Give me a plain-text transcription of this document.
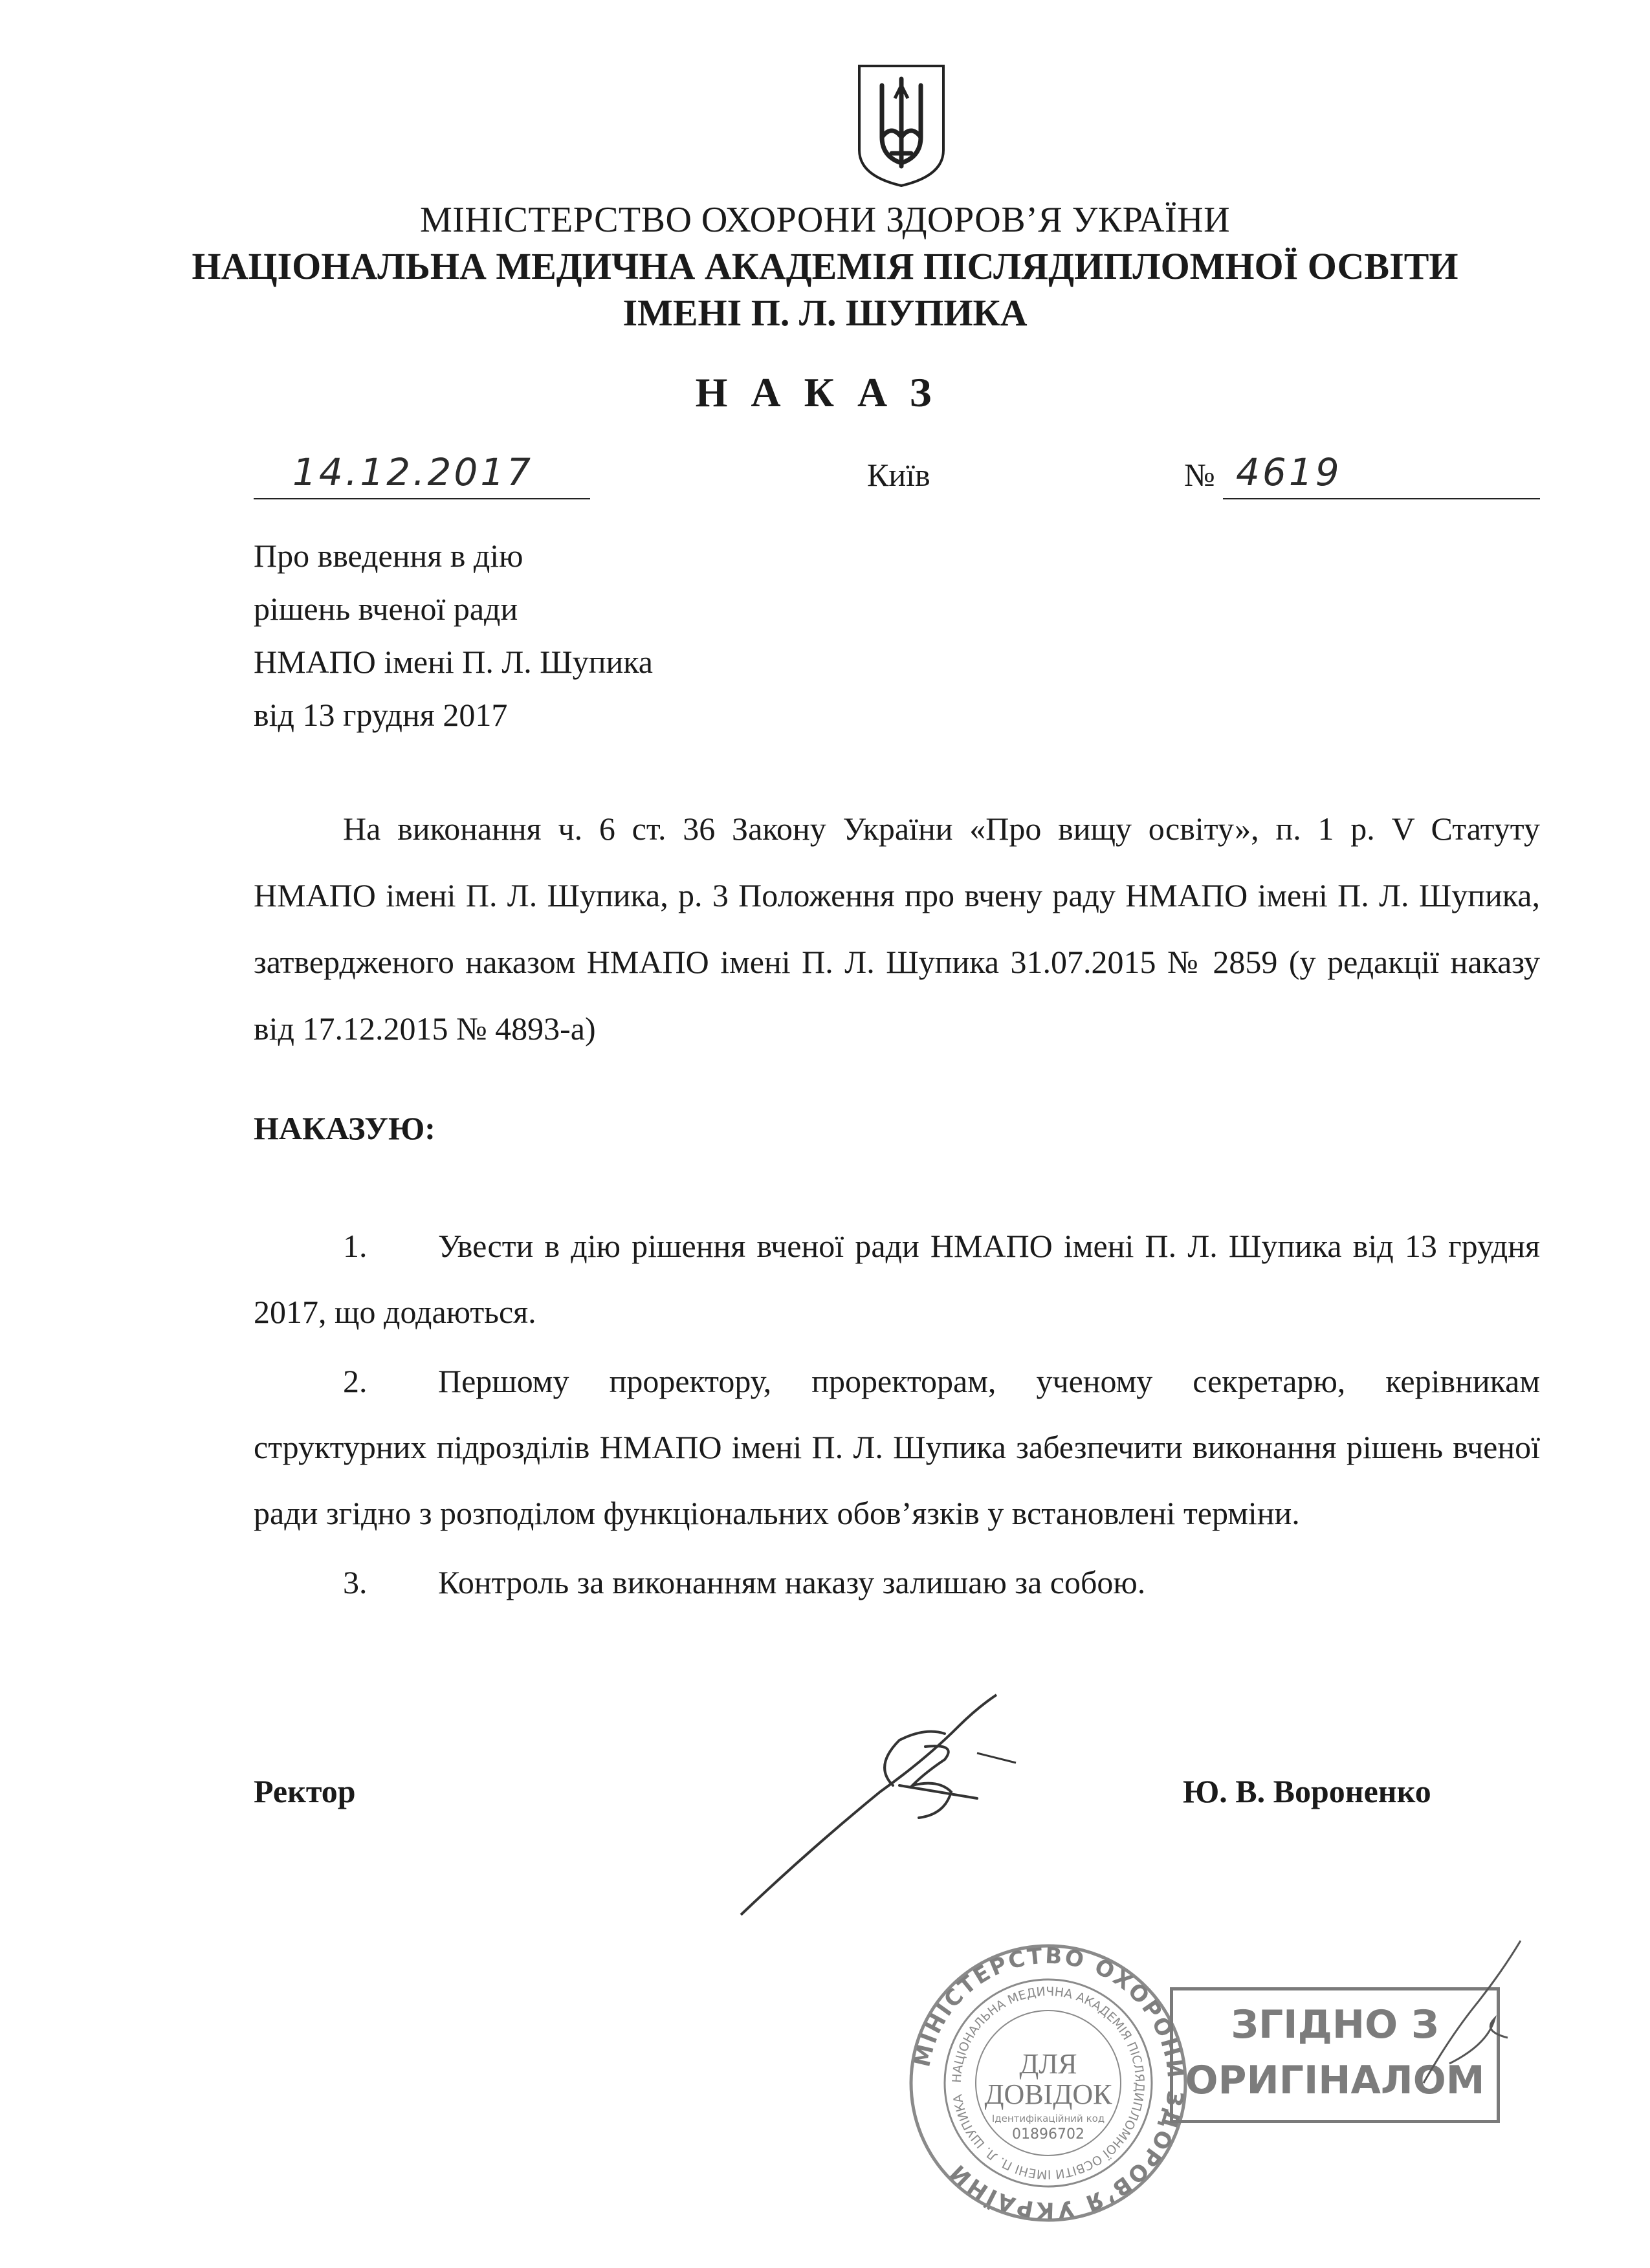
МІНІСТЕРСТВО ОХОРОНИ ЗДОРОВ’Я УКРАЇНИ
НАЦІОНАЛЬНА МЕДИЧНА АКАДЕМІЯ ПІСЛЯДИПЛОМНОЇ ОСВІТИ
ІМЕНІ П. Л. ШУПИКА
НАКАЗ
14.12.2017	Київ	№ 4619
Про введення в дію
рішень вченої ради
НМАПО імені П. Л. Шупика
від 13 грудня 2017
На виконання ч. 6 ст. 36 Закону України «Про вищу освіту», п. 1 р. V Статуту НМАПО імені П. Л. Шупика, р. 3 Положення про вчену раду НМАПО імені П. Л. Шупика, затвердженого наказом НМАПО імені П. Л. Шупика 31.07.2015 № 2859 (у редакції наказу від 17.12.2015 № 4893-а)
НАКАЗУЮ:
1. Увести в дію рішення вченої ради НМАПО імені П. Л. Шупика від 13 грудня 2017, що додаються.
2. Першому проректору, проректорам, ученому секретарю, керівникам структурних підрозділів НМАПО імені П. Л. Шупика забезпечити виконання рішень вченої ради згідно з розподілом функціональних обов’язків у встановлені терміни.
3. Контроль за виконанням наказу залишаю за собою.
Ректор	Ю. В. Вороненко
МІНІСТЕРСТВО ОХОРОНИ ЗДОРОВ’Я УКРАЇНИ
НАЦІОНАЛЬНА МЕДИЧНА АКАДЕМІЯ ПІСЛЯДИПЛОМНОЇ ОСВІТИ ІМЕНІ П. Л. ШУПИКА
ДЛЯ
ДОВІДОК
Ідентифікаційний код
01896702
ЗГІДНО З
ОРИГІНАЛОМ
